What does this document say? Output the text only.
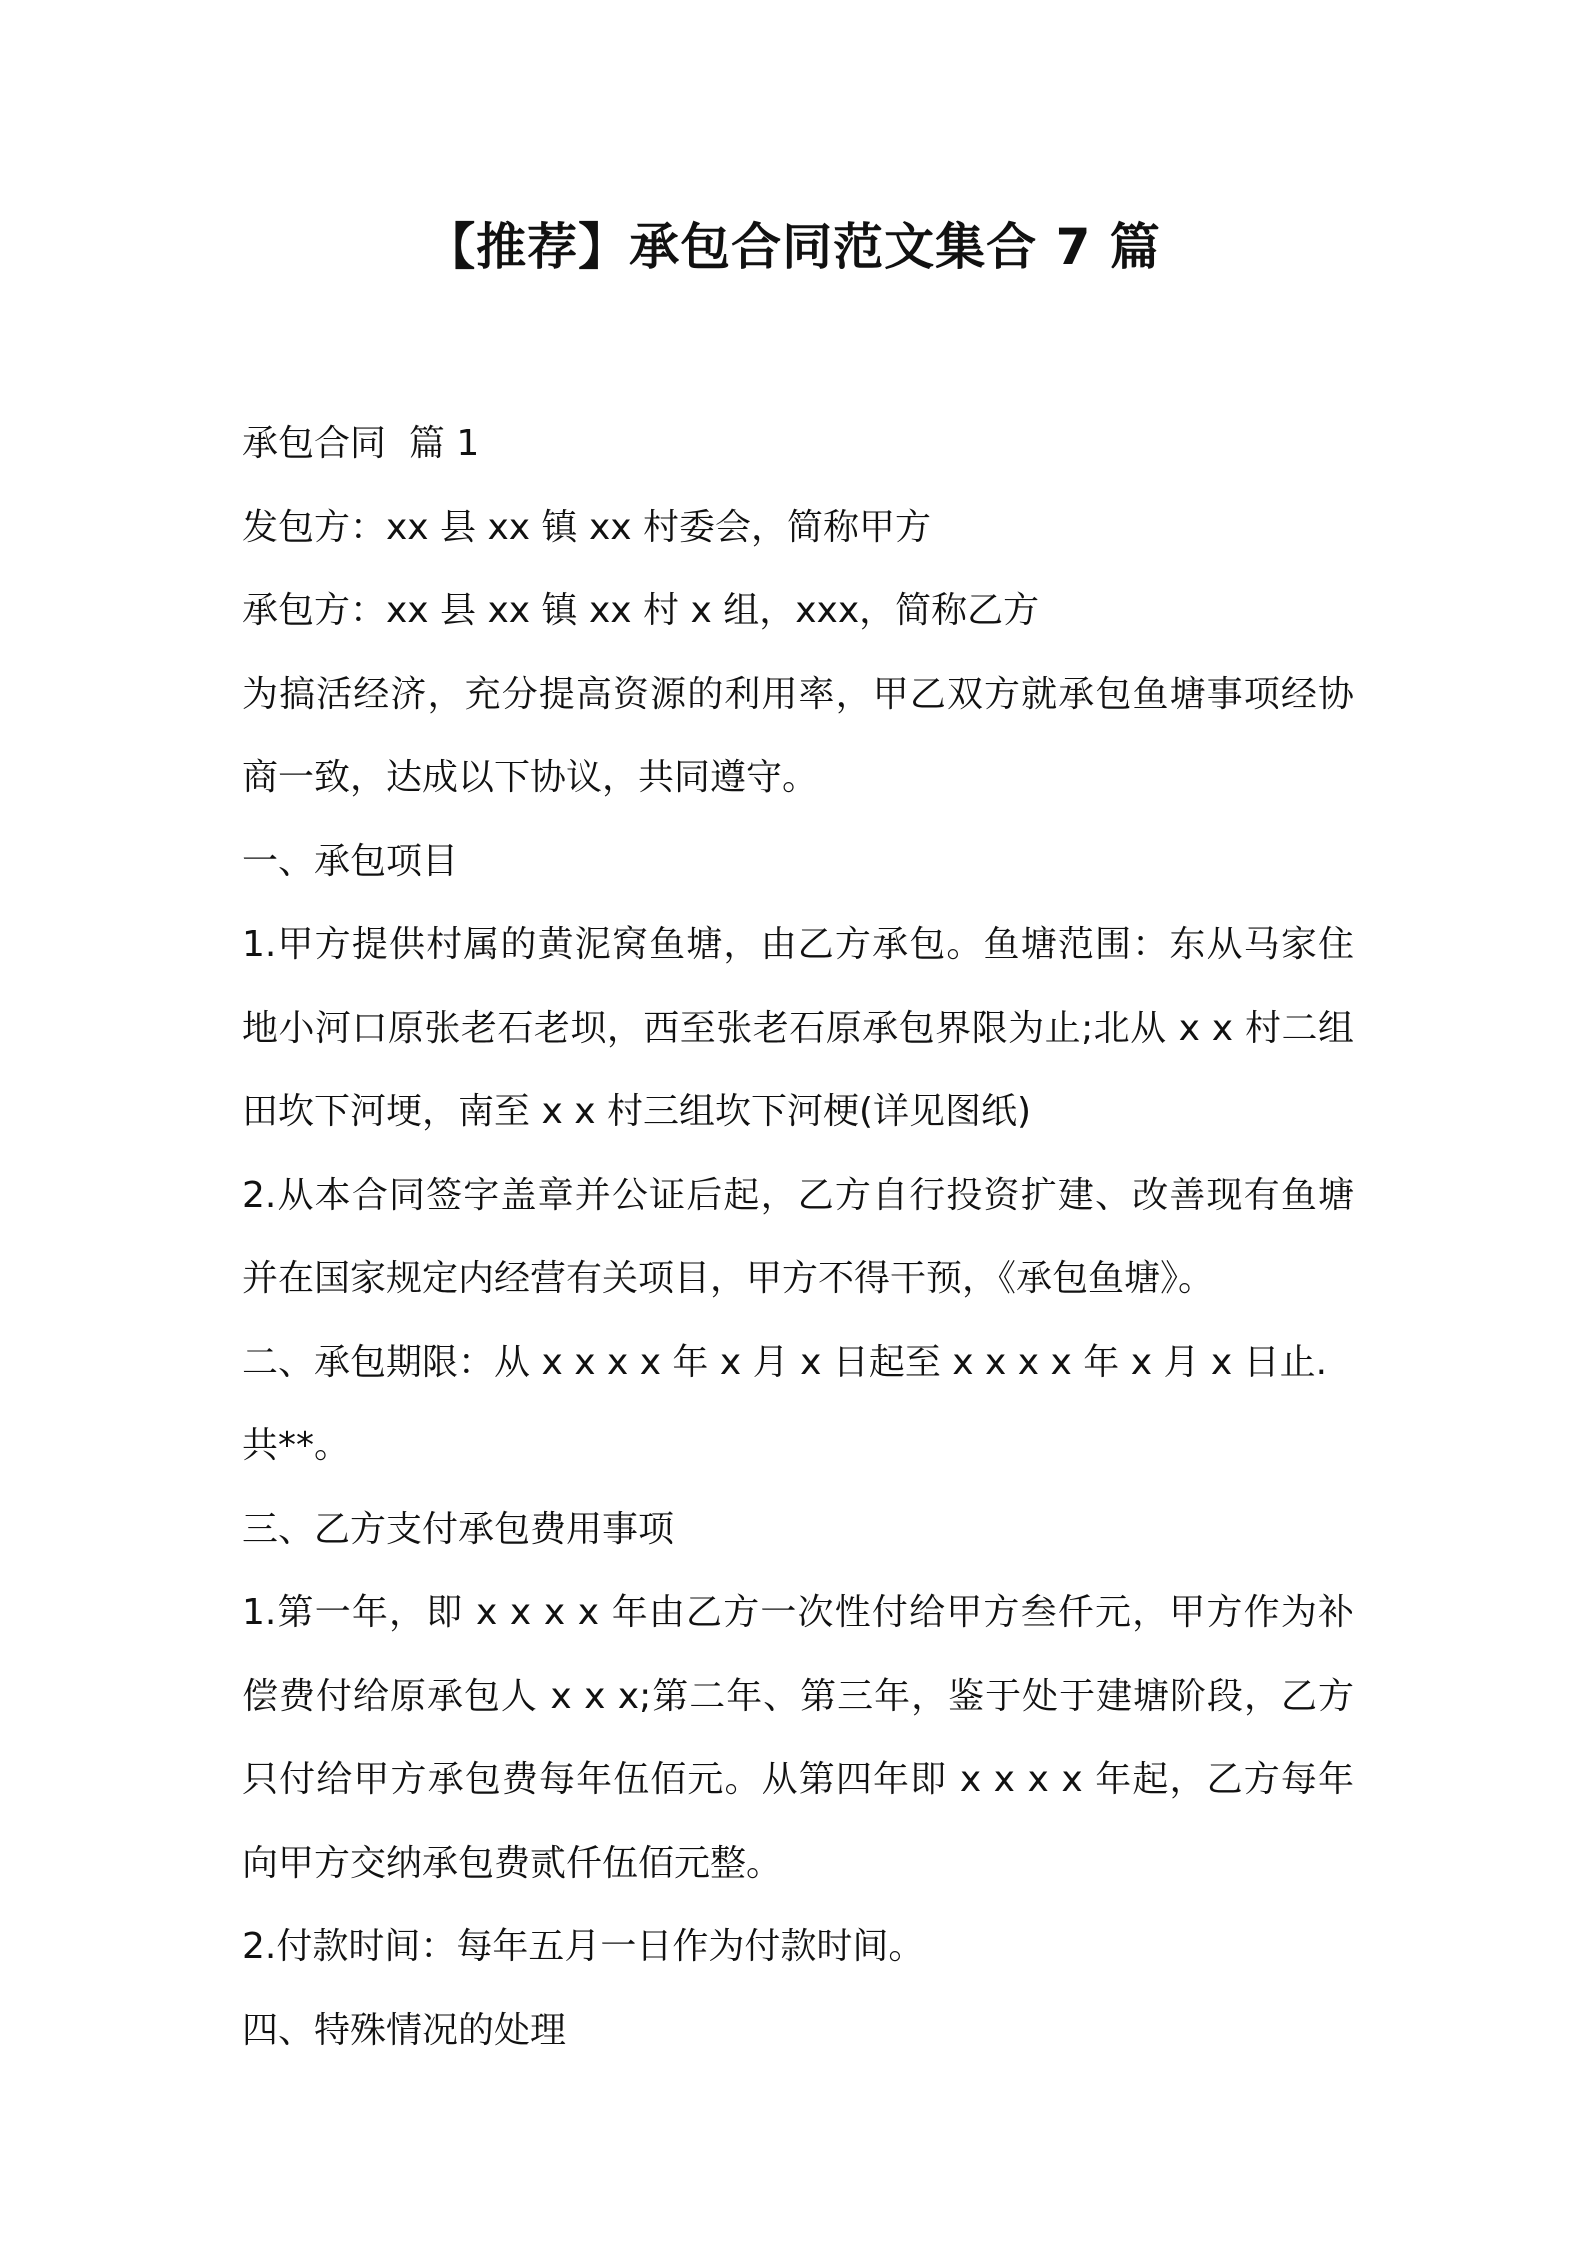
【推荐】承包合同范文集合 7 篇

承包合同  篇 1

发包方：xx 县 xx 镇 xx 村委会，简称甲方

承包方：xx 县 xx 镇 xx 村 x 组，xxx，简称乙方

为搞活经济，充分提高资源的利用率，甲乙双方就承包鱼塘事项经协商一致，达成以下协议，共同遵守。

一、承包项目

1.甲方提供村属的黄泥窝鱼塘，由乙方承包。鱼塘范围：东从马家住地小河口原张老石老坝，西至张老石原承包界限为止;北从 x x 村二组田坎下河埂，南至 x x 村三组坎下河梗(详见图纸)

2.从本合同签字盖章并公证后起，乙方自行投资扩建、改善现有鱼塘并在国家规定内经营有关项目，甲方不得干预，《承包鱼塘》。

二、承包期限：从 x x x x 年 x 月 x 日起至 x x x x 年 x 月 x 日止.共**。

三、乙方支付承包费用事项

1.第一年，即 x x x x 年由乙方一次性付给甲方叁仟元，甲方作为补偿费付给原承包人 x x x;第二年、第三年，鉴于处于建塘阶段，乙方只付给甲方承包费每年伍佰元。从第四年即 x x x x 年起，乙方每年向甲方交纳承包费贰仟伍佰元整。

2.付款时间：每年五月一日作为付款时间。

四、特殊情况的处理
